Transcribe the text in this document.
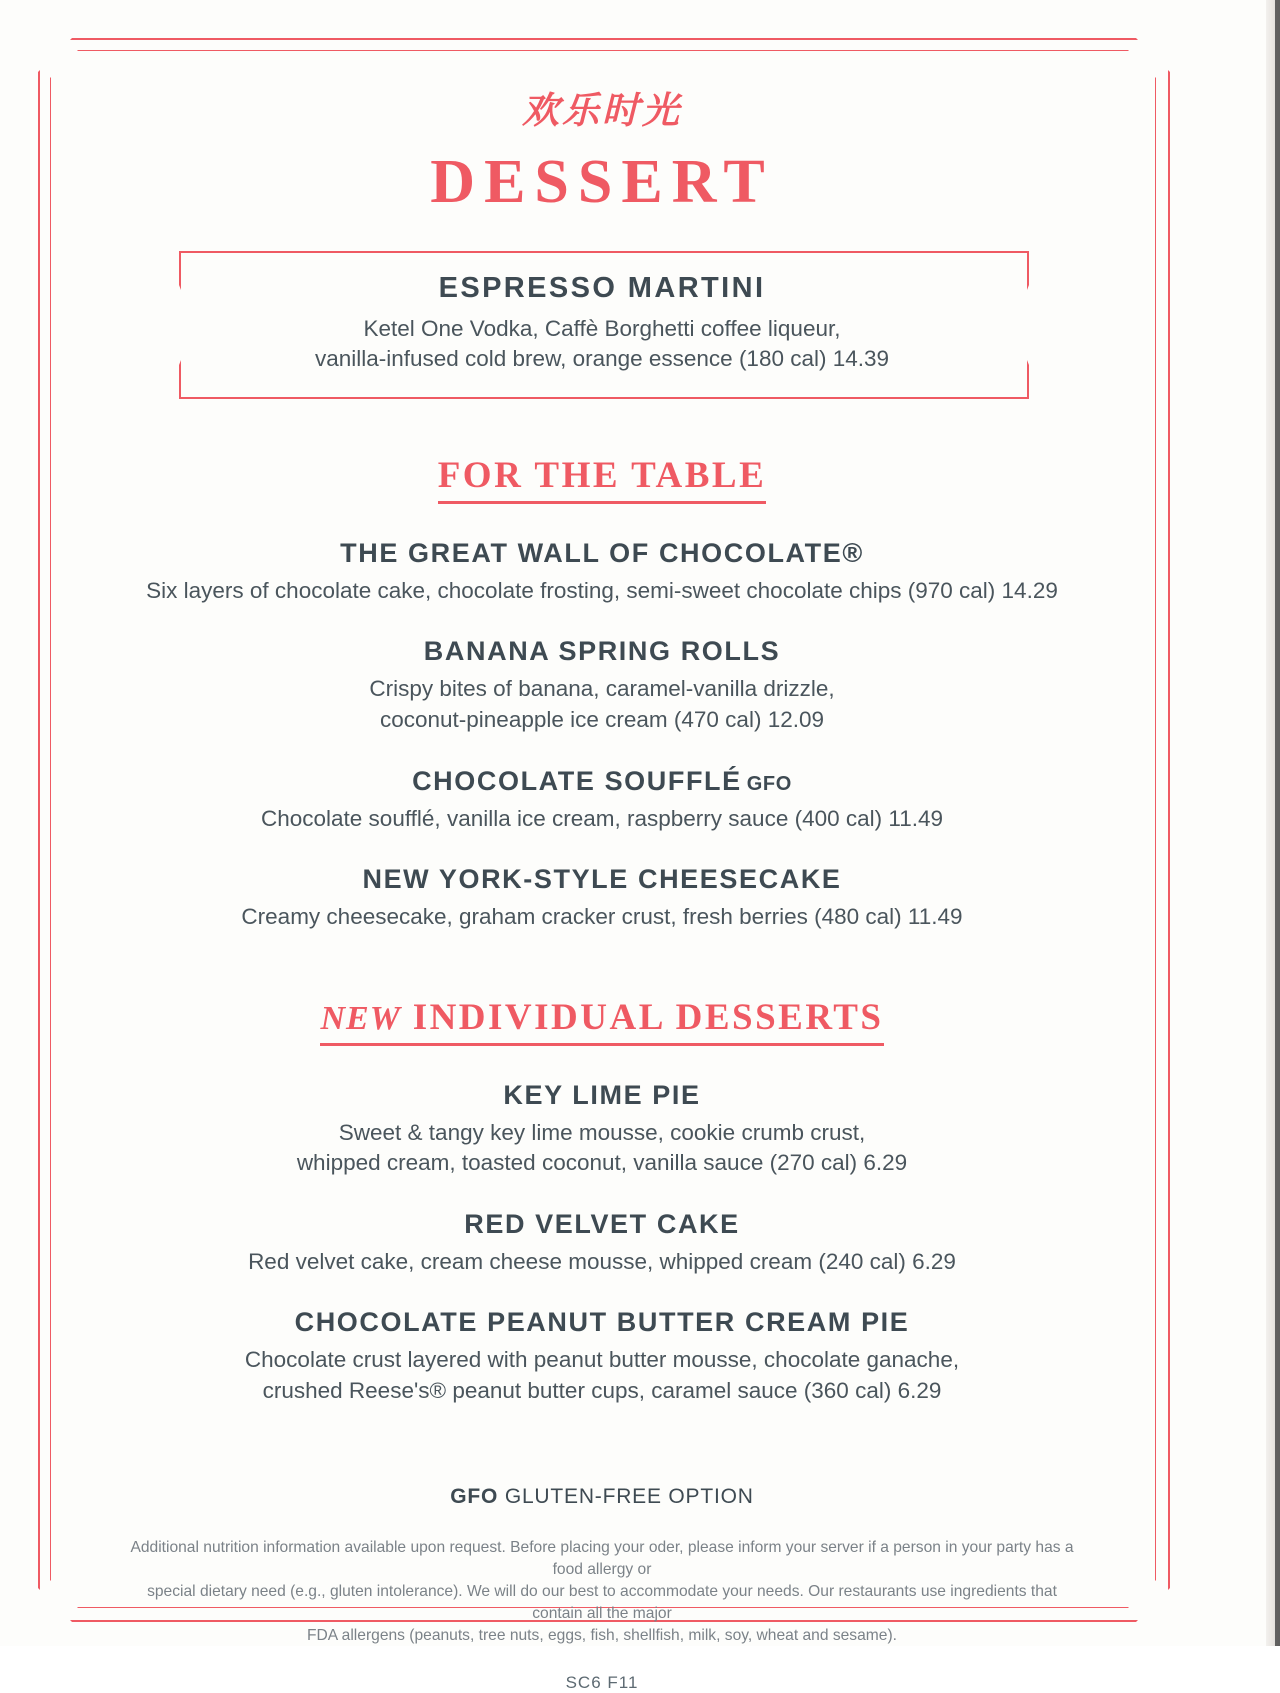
欢乐时光
DESSERT
ESPRESSO MARTINI
Ketel One Vodka, Caffè Borghetti coffee liqueur,
vanilla-infused cold brew, orange essence (180 cal) 14.39
FOR THE TABLE
THE GREAT WALL OF CHOCOLATE®
Six layers of chocolate cake, chocolate frosting, semi-sweet chocolate chips (970 cal) 14.29
BANANA SPRING ROLLS
Crispy bites of banana, caramel-vanilla drizzle,
coconut-pineapple ice cream (470 cal) 12.09
CHOCOLATE SOUFFLÉ GFO
Chocolate soufflé, vanilla ice cream, raspberry sauce (400 cal) 11.49
NEW YORK-STYLE CHEESECAKE
Creamy cheesecake, graham cracker crust, fresh berries (480 cal) 11.49
NEW INDIVIDUAL DESSERTS
KEY LIME PIE
Sweet & tangy key lime mousse, cookie crumb crust,
whipped cream, toasted coconut, vanilla sauce (270 cal) 6.29
RED VELVET CAKE
Red velvet cake, cream cheese mousse, whipped cream (240 cal) 6.29
CHOCOLATE PEANUT BUTTER CREAM PIE
Chocolate crust layered with peanut butter mousse, chocolate ganache,
crushed Reese's® peanut butter cups, caramel sauce (360 cal) 6.29
GFO GLUTEN-FREE OPTION
Additional nutrition information available upon request. Before placing your oder, please inform your server if a person in your party has a food allergy or
special dietary need (e.g., gluten intolerance). We will do our best to accommodate your needs. Our restaurants use ingredients that contain all the major
FDA allergens (peanuts, tree nuts, eggs, fish, shellfish, milk, soy, wheat and sesame).
SC6 F11
